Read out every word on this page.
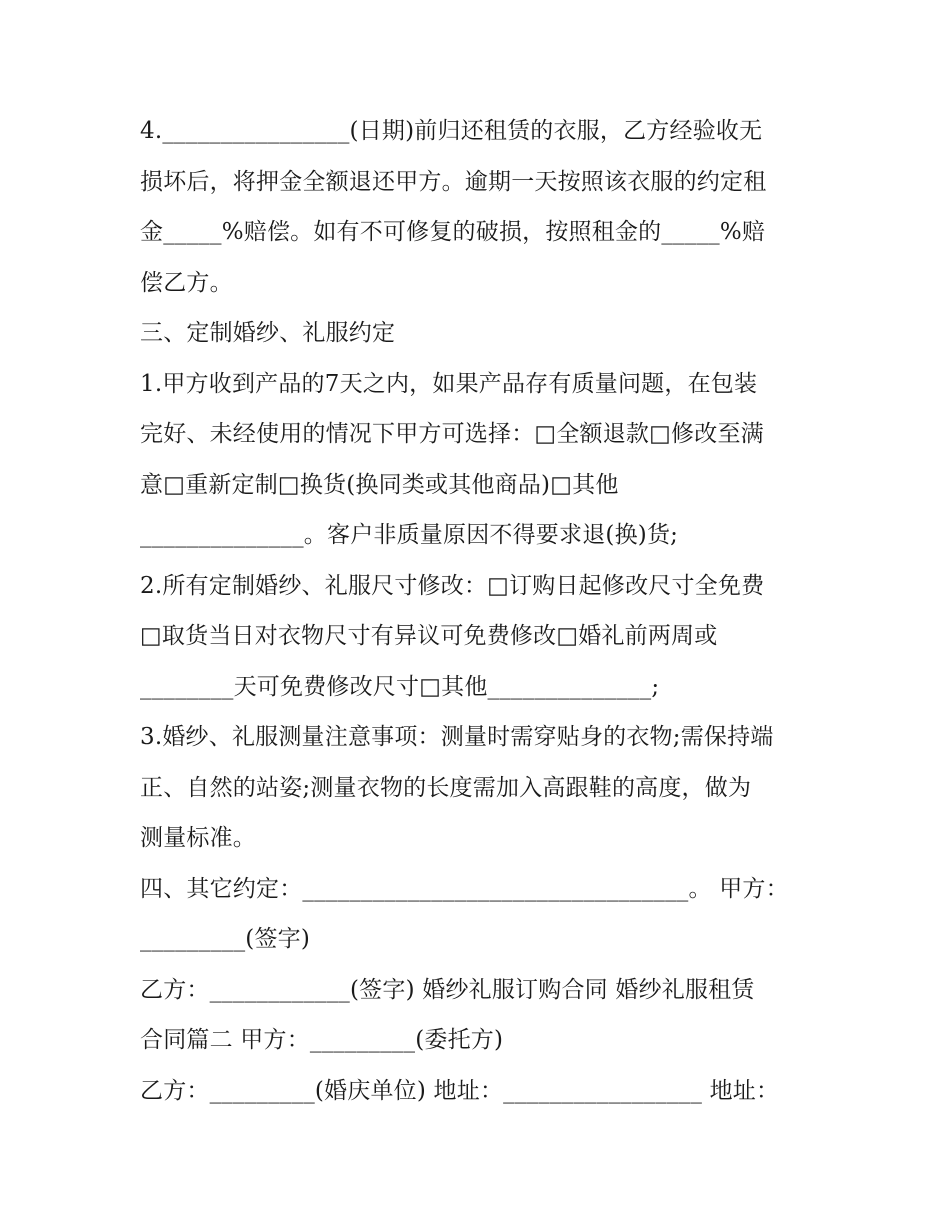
4.________________(日期)前归还租赁的衣服，乙方经验收无
损坏后，将押金全额退还甲方。逾期一天按照该衣服的约定租
金_____%赔偿。如有不可修复的破损，按照租金的_____%赔
偿乙方。
三、定制婚纱、礼服约定
1.甲方收到产品的7天之内，如果产品存有质量问题，在包装
完好、未经使用的情况下甲方可选择：□全额退款□修改至满
意□重新定制□换货(换同类或其他商品)□其他
______________。客户非质量原因不得要求退(换)货;
2.所有定制婚纱、礼服尺寸修改：□订购日起修改尺寸全免费
□取货当日对衣物尺寸有异议可免费修改□婚礼前两周或
________天可免费修改尺寸□其他______________;
3.婚纱、礼服测量注意事项：测量时需穿贴身的衣物;需保持端
正、自然的站姿;测量衣物的长度需加入高跟鞋的高度，做为
测量标准。
四、其它约定：_________________________________。 甲方：
_________(签字)
乙方：____________(签字) 婚纱礼服订购合同 婚纱礼服租赁
合同篇二 甲方：_________(委托方)
乙方：_________(婚庆单位) 地址：_________________ 地址：
